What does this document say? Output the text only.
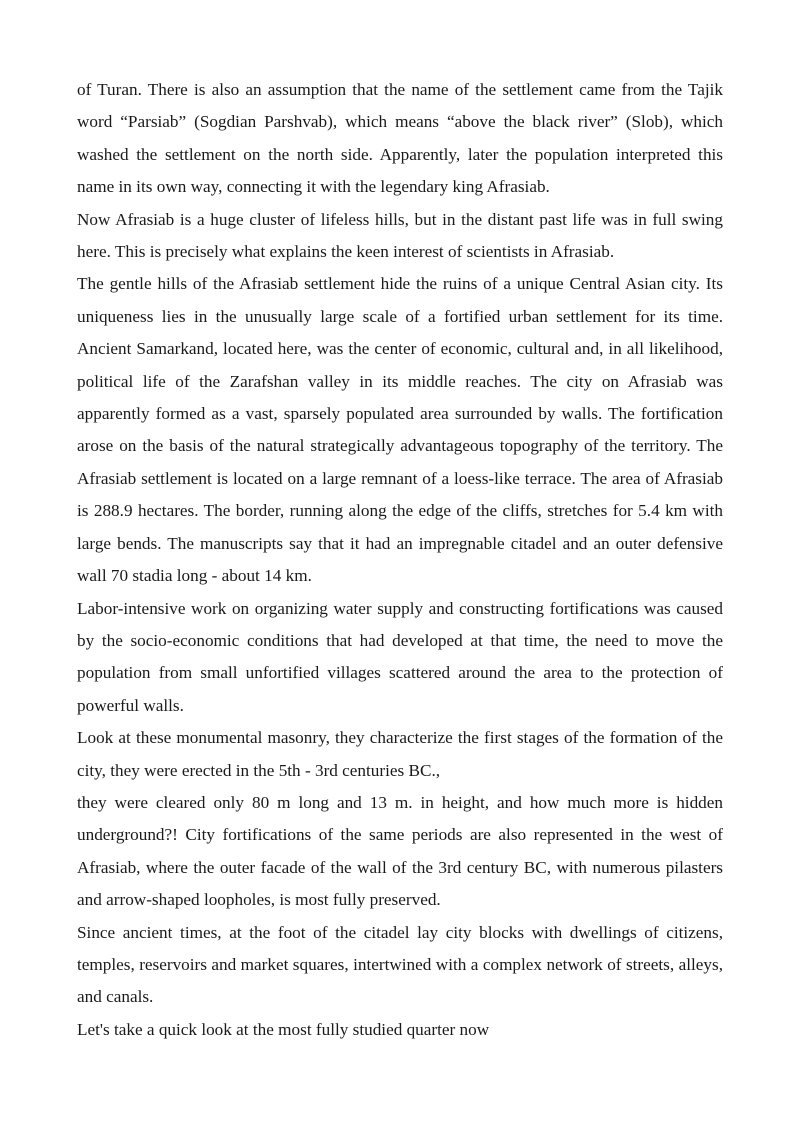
of Turan. There is also an assumption that the name of the settlement came from the Tajik word “Parsiab” (Sogdian Parshvab), which means “above the black river” (Slob), which washed the settlement on the north side. Apparently, later the population interpreted this name in its own way, connecting it with the legendary king Afrasiab.

Now Afrasiab is a huge cluster of lifeless hills, but in the distant past life was in full swing here. This is precisely what explains the keen interest of scientists in Afrasiab.

The gentle hills of the Afrasiab settlement hide the ruins of a unique Central Asian city. Its uniqueness lies in the unusually large scale of a fortified urban settlement for its time. Ancient Samarkand, located here, was the center of economic, cultural and, in all likelihood, political life of the Zarafshan valley in its middle reaches. The city on Afrasiab was apparently formed as a vast, sparsely populated area surrounded by walls. The fortification arose on the basis of the natural strategically advantageous topography of the territory. The Afrasiab settlement is located on a large remnant of a loess-like terrace. The area of Afrasiab is 288.9 hectares. The border, running along the edge of the cliffs, stretches for 5.4 km with large bends. The manuscripts say that it had an impregnable citadel and an outer defensive wall 70 stadia long - about 14 km.

Labor-intensive work on organizing water supply and constructing fortifications was caused by the socio-economic conditions that had developed at that time, the need to move the population from small unfortified villages scattered around the area to the protection of powerful walls.

Look at these monumental masonry, they characterize the first stages of the formation of the city, they were erected in the 5th - 3rd centuries BC.,

they were cleared only 80 m long and 13 m. in height, and how much more is hidden underground?! City fortifications of the same periods are also represented in the west of Afrasiab, where the outer facade of the wall of the 3rd century BC, with numerous pilasters and arrow-shaped loopholes, is most fully preserved.

Since ancient times, at the foot of the citadel lay city blocks with dwellings of citizens, temples, reservoirs and market squares, intertwined with a complex network of streets, alleys, and canals.

Let's take a quick look at the most fully studied quarter now
